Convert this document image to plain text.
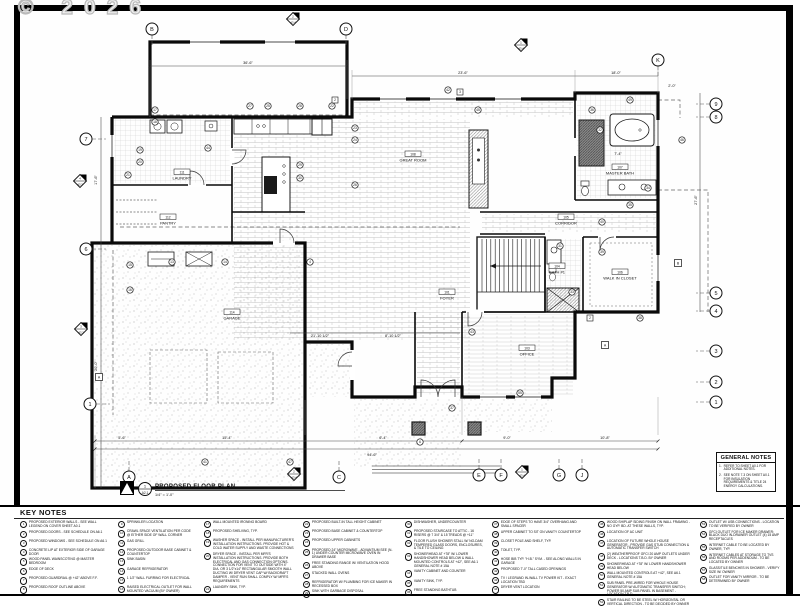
© 2026
36'-6"
23'-6"	18'-0"
17'-6"
20'-0"
27'-6"
94'-6"
5'-6"	15'-4"	6'-4"	9'-0"	10'-8"
21'-10 1/2"	8'-10 1/2"
7'-4"
2'-0"
111
LAUNDRY
112
PANTRY
108
GREAT ROOM
107
MASTER BATH
106
WALK IN CLOSET
103
OFFICE
101
FOYER
104
BATH #1
105
CORRIDOR
114
GARAGE
B	D
K
7
6
1
9
8
5
4
3
2
1
A	C	E	F	G	J
2
A3.4
1
A3.4
4
A3.2
3
A3.2
2
A3.4
1
A3.4
17
18
19
20
21
44
27	25	28	22
23
24
29
30
26
45
42
36
32
49
34
35
40
31
33
39
38
43
55
15
16
14
13	4
41	47
6
37
46
A
B
A
2
3
2
1
A2.1
PROPOSED FLOOR PLAN
1/4" = 1'-0"
GENERAL NOTES
1. REFER TO SHEET A0.1 FOR ADDITIONAL NOTES.
2. SEE NOTE 7.3 ON SHEET A0.1 FOR INSULATION REQUIREMENTS & TITLE 24 ENERGY CALCULATIONS.
KEY NOTES
1	PROPOSED EXTERIOR WALLS - SEE WALL LEGEND ON COVER SHEET A0.1
2	PROPOSED DOORS - SEE SCHEDULE ON A6.1
3	PROPOSED WINDOWS - SEE SCHEDULE ON A6.1
4	CONCRETE LIP AT EXTERIOR SIDE OF GARAGE DOOR
5	WOOD PANEL WAINSCOTING @ MASTER BEDROOM
6	EDGE OF DECK
7	PROPOSED GUARDRAIL @ +42" ABOVE F.F.
8	PROPOSED ROOF OUTLINE ABOVE
9	SPRINKLER LOCATION
10	CRAWL SPACE VENTILATION PER CODE @ EITHER SIDE OF WALL CORNER
11	GAS GRILL
12	PROPOSED OUTDOOR BASE CABINET & COUNTERTOP
13	SINK BASIN
14	GARAGE REFRIGERATOR
15	1 1/2" WALL FURRING FOR ELECTRICAL
16	RAISED ELECTRICAL OUTLET FOR WALL MOUNTED VACUUM (BY OWNER)
17	WALL MOUNTED IRONING BOARD
18	PROPOSED SHELVING, TYP.
19	WASHER SPACE - INSTALL PER MANUFACTURER'S INSTALLATION INSTRUCTIONS. PROVIDE HOT & COLD WATER SUPPLY AND WASTE CONNECTIONS
20	DRYER SPACE - INSTALL PER MFR'S INSTALLATION INSTRUCTIONS. PROVIDE BOTH ELECTRICAL AND GAS CONNECTION OPTIONS. CONNECTION FOR VENT TO OUTSIDE WITH 4" DIA. OR 3 1/2"x14" RECTANGULAR SMOOTH WALL DUCTING W/ DRYER VENT CAP W/ BACKDRAFT DAMPER - VENT RUN SHALL COMPLY W/ MFR'S REQUIREMENTS
21	LAUNDRY SINK, TYP.
22	PROPOSED BUILT-IN TALL HEIGHT CABINET
23	PROPOSED BASE CABINET & COUNTERTOP
24	PROPOSED UPPER CABINETS
25	PROPOSED 24" MICROWAVE - ADVANTIUM SEE (N-1) UNDER COUNTER MICROWAVE OVEN IN DRAWER BASE
26	FREE STANDING RANGE W/ VENTILATION HOOD ABOVE
27	STACKED WALL OVENS
28	REFRIGERATOR W/ PLUMBING FOR ICE MAKER IN RECESSED BOX
29	SINK WITH GARBAGE DISPOSAL
30	DISHWASHER, UNDERCOUNTER
31	PROPOSED STAIRCASE TO ATTIC - 16 RISERS @ 7 3/4" & 15 TREADS @ +11"
32	FLOOR FLUSH SHOWER STALL W/ NO-DAM TEMPERED GLASS DOORS, ENCLOSURES, & TILE TO CEILING
33	SHOWERHEAD AT +78" W/ LOWER HANDSHOWER HEAD BELOW & WALL MOUNTED CONTROLS AT +42", SEE A6.1 GENERAL NOTE # 15A
34	VANITY CABINET AND COUNTER
35	VANITY SINK, TYP.
36	FREE STANDING BATHTUB
37	EDGE OF STEPS TO HAVE 3/4" OVERHANG AND SMALL SPACER
38	UPPER CABINET TO SIT ON VANITY COUNTERTOP
39	CLOSET POLE AND SHELF, TYP.
40	TOILET, TYP.
41	HOSE BIB TYP. "H.B." SYM. - SEE ALONG WALLS IN GARAGE
42	PROPOSED 7'-0" TALL CASED OPENINGS
43	TV / LEGRAND IN-WALL TV POWER KIT - EXACT LOCATION TBD
44	DRYER VENT LOCATION
45	WOOD SHIPLAP SIDING FINISH ON WALL FRAMING - NO GYP. BD. AT THESE WALLS, TYP.
46	LOCATION OF AC UNIT
47	LOCATION OF FUTURE WHOLE HOUSE GENERATOR - PROVIDE GAS STUB CONNECTION & AUTOMATIC TRANSFER SWITCH
48	(2) WEATHERPROOF GFCI 20 AMP OUTLETS UNDER DECK - LOCATIONS T.B.D. BY OWNER
49	SHOWERHEAD AT +78" W/ LOWER HANDSHOWER HEAD BELOW
50	WALL MOUNTED CONTROLS AT +42", SEE A6.1 GENERAL NOTE # 15A
51	SUB PANEL PRE-WIRED FOR WHOLE HOUSE GENERATOR W/ AUTOMATIC TRANSFER SWITCH; POWER 50 AMP SUB PANEL IN BASEMENT - LOCATION T.B.D.
52	STAIR RAILING TO BE STEEL W/ HORIZONTAL OR VERTICAL DIRECTION - TO BE DECIDED BY OWNER
53	OUTLET W/ USB CONNECTIONS - LOCATION TO BE VERIFIED BY OWNER
54	GFCI OUTLET FOR ICE MAKER DRAWER; BLACK DUO IN-DRAWER OUTLET (4) 15 AMP RECEPTACLES
55	INTERNET CABLE TO BE LOCATED BY OWNER, TYP.
56	INTERNET CABLES AT STORAGE TO TVS AND ROOMS PER ADDENDUM - TO BE LOCATED BY OWNER
57	GLASS/TILE BENCHES IN SHOWER - VERIFY SIZE W/ OWNER
58	OUTLET FOR VANITY MIRROR - TO BE DETERMINED BY OWNER
